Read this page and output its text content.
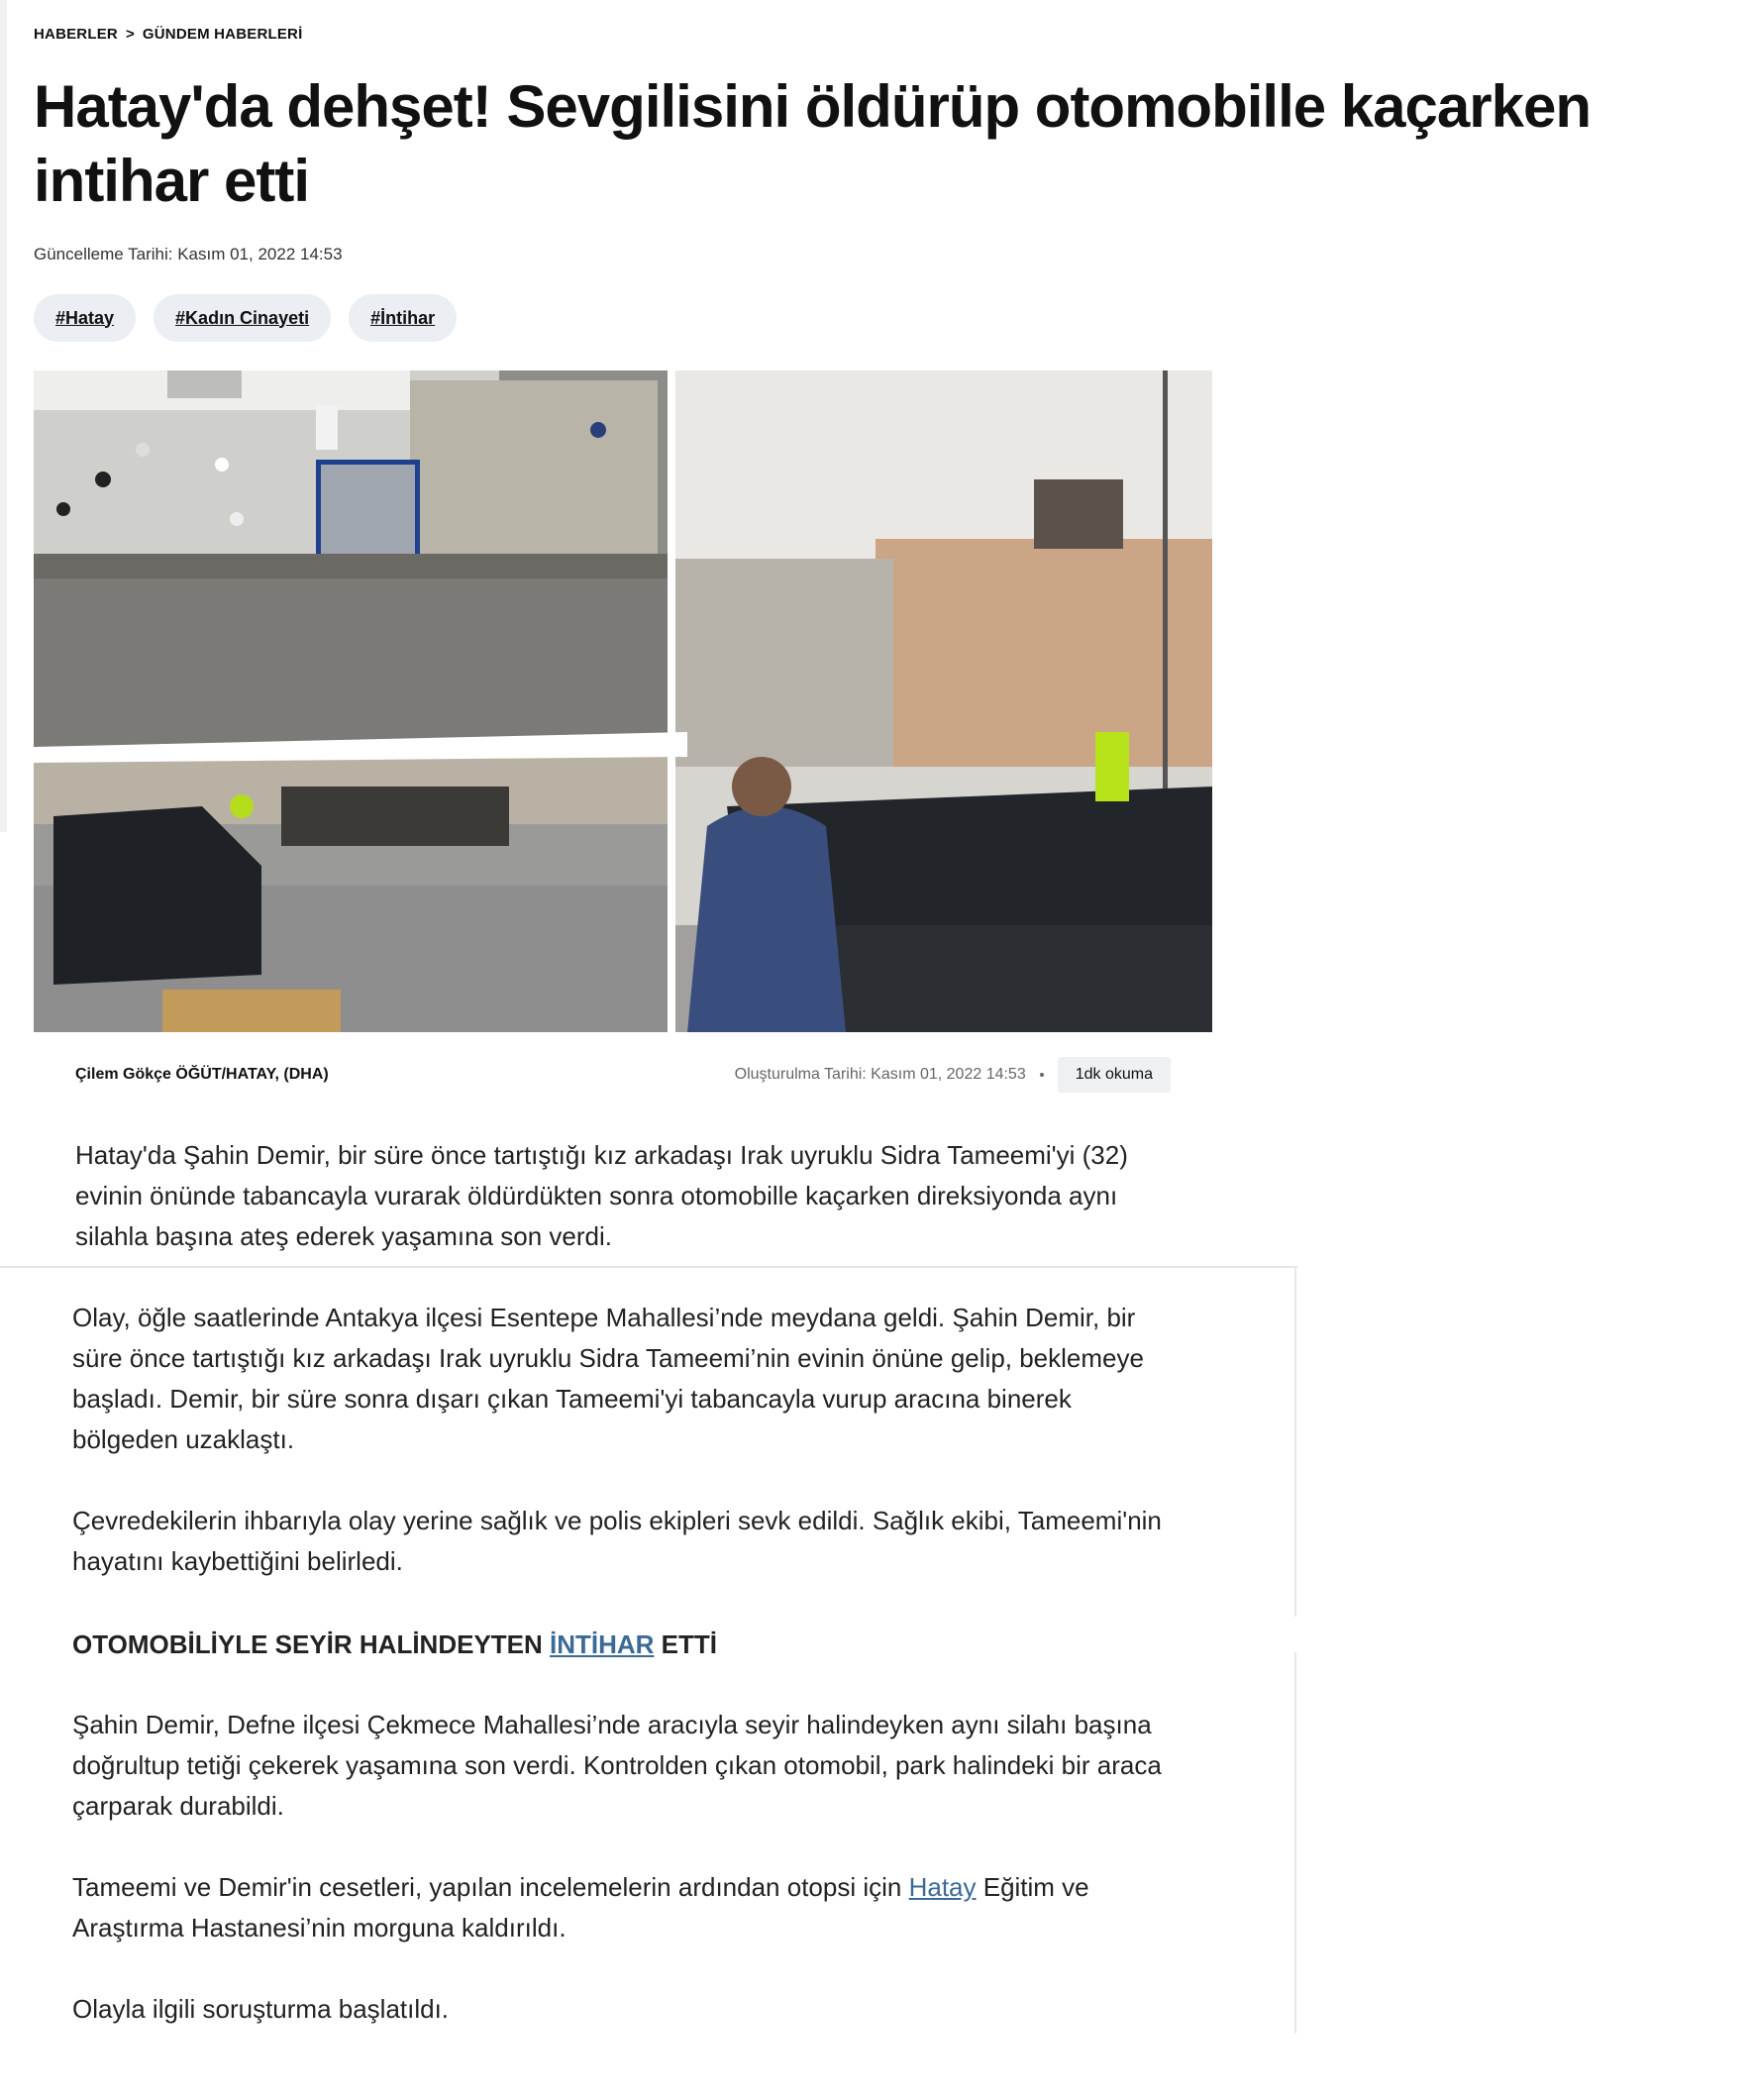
HABERLER > GÜNDEM HABERLERİ
Hatay'da dehşet! Sevgilisini öldürüp otomobille kaçarken intihar etti
Güncelleme Tarihi: Kasım 01, 2022 14:53
#Hatay	#Kadın Cinayeti	#İntihar
Çilem Gökçe ÖĞÜT/HATAY, (DHA)	Oluşturulma Tarihi: Kasım 01, 2022 14:53	1dk okuma

Hatay'da Şahin Demir, bir süre önce tartıştığı kız arkadaşı Irak uyruklu Sidra Tameemi'yi (32) evinin önünde tabancayla vurarak öldürdükten sonra otomobille kaçarken direksiyonda aynı silahla başına ateş ederek yaşamına son verdi.

Olay, öğle saatlerinde Antakya ilçesi Esentepe Mahallesi’nde meydana geldi. Şahin Demir, bir süre önce tartıştığı kız arkadaşı Irak uyruklu Sidra Tameemi’nin evinin önüne gelip, beklemeye başladı. Demir, bir süre sonra dışarı çıkan Tameemi'yi tabancayla vurup aracına binerek bölgeden uzaklaştı.

Çevredekilerin ihbarıyla olay yerine sağlık ve polis ekipleri sevk edildi. Sağlık ekibi, Tameemi'nin hayatını kaybettiğini belirledi.

OTOMOBİLİYLE SEYİR HALİNDEYTEN İNTİHAR ETTİ

Şahin Demir, Defne ilçesi Çekmece Mahallesi’nde aracıyla seyir halindeyken aynı silahı başına doğrultup tetiği çekerek yaşamına son verdi. Kontrolden çıkan otomobil, park halindeki bir araca çarparak durabildi.

Tameemi ve Demir'in cesetleri, yapılan incelemelerin ardından otopsi için Hatay Eğitim ve Araştırma Hastanesi’nin morguna kaldırıldı.

Olayla ilgili soruşturma başlatıldı.
